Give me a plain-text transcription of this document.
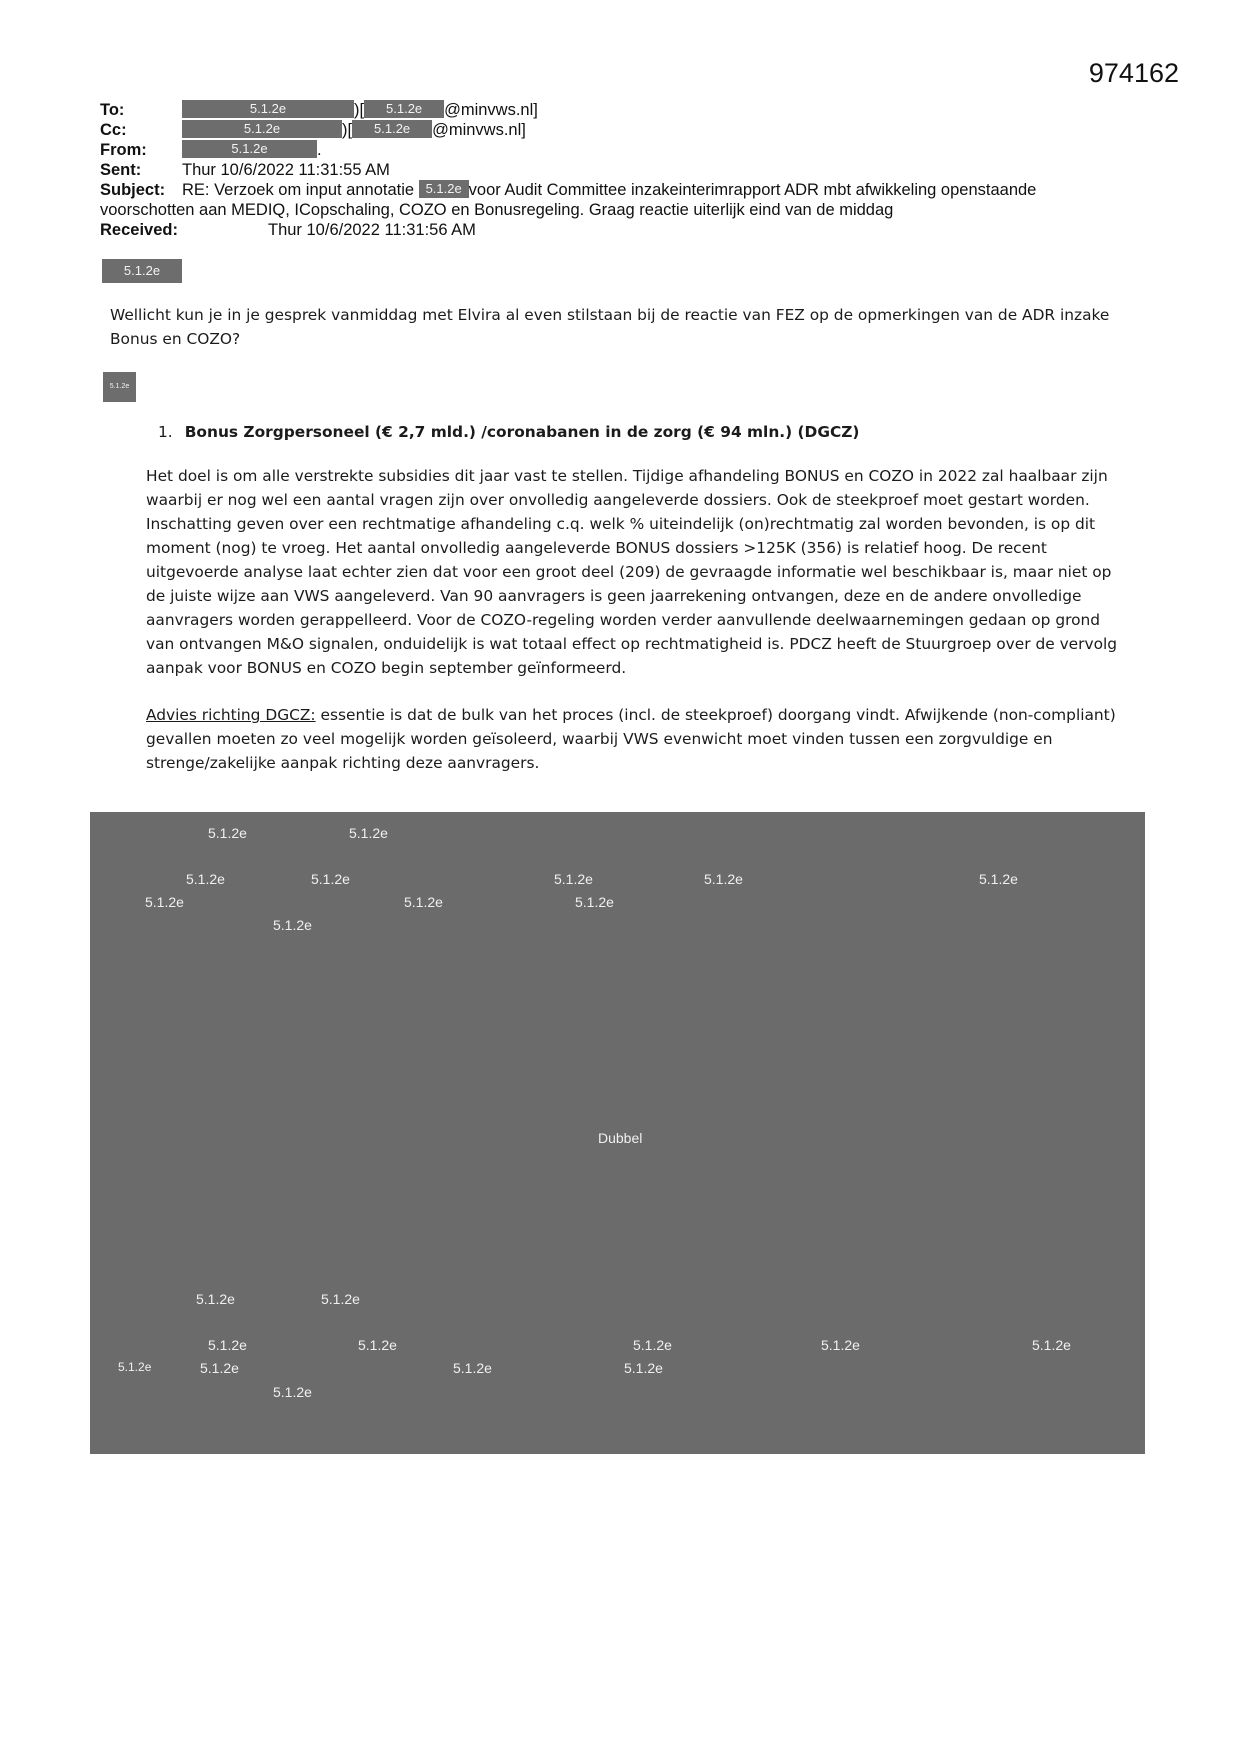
974162
To:	5.1.2e	)[ 5.1.2e @minvws.nl]
Cc:	5.1.2e	)[ 5.1.2e @minvws.nl]
From:	5.1.2e	.
Sent: Thur 10/6/2022 11:31:55 AM
Subject: RE: Verzoek om input annotatie 5.1.2e voor Audit Committee inzakeinterimrapport ADR mbt afwikkeling openstaande
voorschotten aan MEDIQ, ICopschaling, COZO en Bonusregeling. Graag reactie uiterlijk eind van de middag
Received:	Thur 10/6/2022 11:31:56 AM
5.1.2e
Wellicht kun je in je gesprek vanmiddag met Elvira al even stilstaan bij de reactie van FEZ op de opmerkingen van de ADR inzake
Bonus en COZO?
5.1.2e
1. Bonus Zorgpersoneel (€ 2,7 mld.) /coronabanen in de zorg (€ 94 mln.) (DGCZ)
Het doel is om alle verstrekte subsidies dit jaar vast te stellen. Tijdige afhandeling BONUS en COZO in 2022 zal haalbaar zijn
waarbij er nog wel een aantal vragen zijn over onvolledig aangeleverde dossiers. Ook de steekproef moet gestart worden.
Inschatting geven over een rechtmatige afhandeling c.q. welk % uiteindelijk (on)rechtmatig zal worden bevonden, is op dit
moment (nog) te vroeg. Het aantal onvolledig aangeleverde BONUS dossiers >125K (356) is relatief hoog. De recent
uitgevoerde analyse laat echter zien dat voor een groot deel (209) de gevraagde informatie wel beschikbaar is, maar niet op
de juiste wijze aan VWS aangeleverd. Van 90 aanvragers is geen jaarrekening ontvangen, deze en de andere onvolledige
aanvragers worden gerappelleerd. Voor de COZO-regeling worden verder aanvullende deelwaarnemingen gedaan op grond
van ontvangen M&O signalen, onduidelijk is wat totaal effect op rechtmatigheid is. PDCZ heeft de Stuurgroep over de vervolg
aanpak voor BONUS en COZO begin september geïnformeerd.
Advies richting DGCZ: essentie is dat de bulk van het proces (incl. de steekproef) doorgang vindt. Afwijkende (non-compliant)
gevallen moeten zo veel mogelijk worden geïsoleerd, waarbij VWS evenwicht moet vinden tussen een zorgvuldige en
strenge/zakelijke aanpak richting deze aanvragers.
5.1.2e	5.1.2e
5.1.2e	5.1.2e	5.1.2e	5.1.2e	5.1.2e
5.1.2e	5.1.2e	5.1.2e
5.1.2e
Dubbel
5.1.2e	5.1.2e
5.1.2e	5.1.2e	5.1.2e	5.1.2e	5.1.2e
5.1.2e	5.1.2e	5.1.2e	5.1.2e
5.1.2e
